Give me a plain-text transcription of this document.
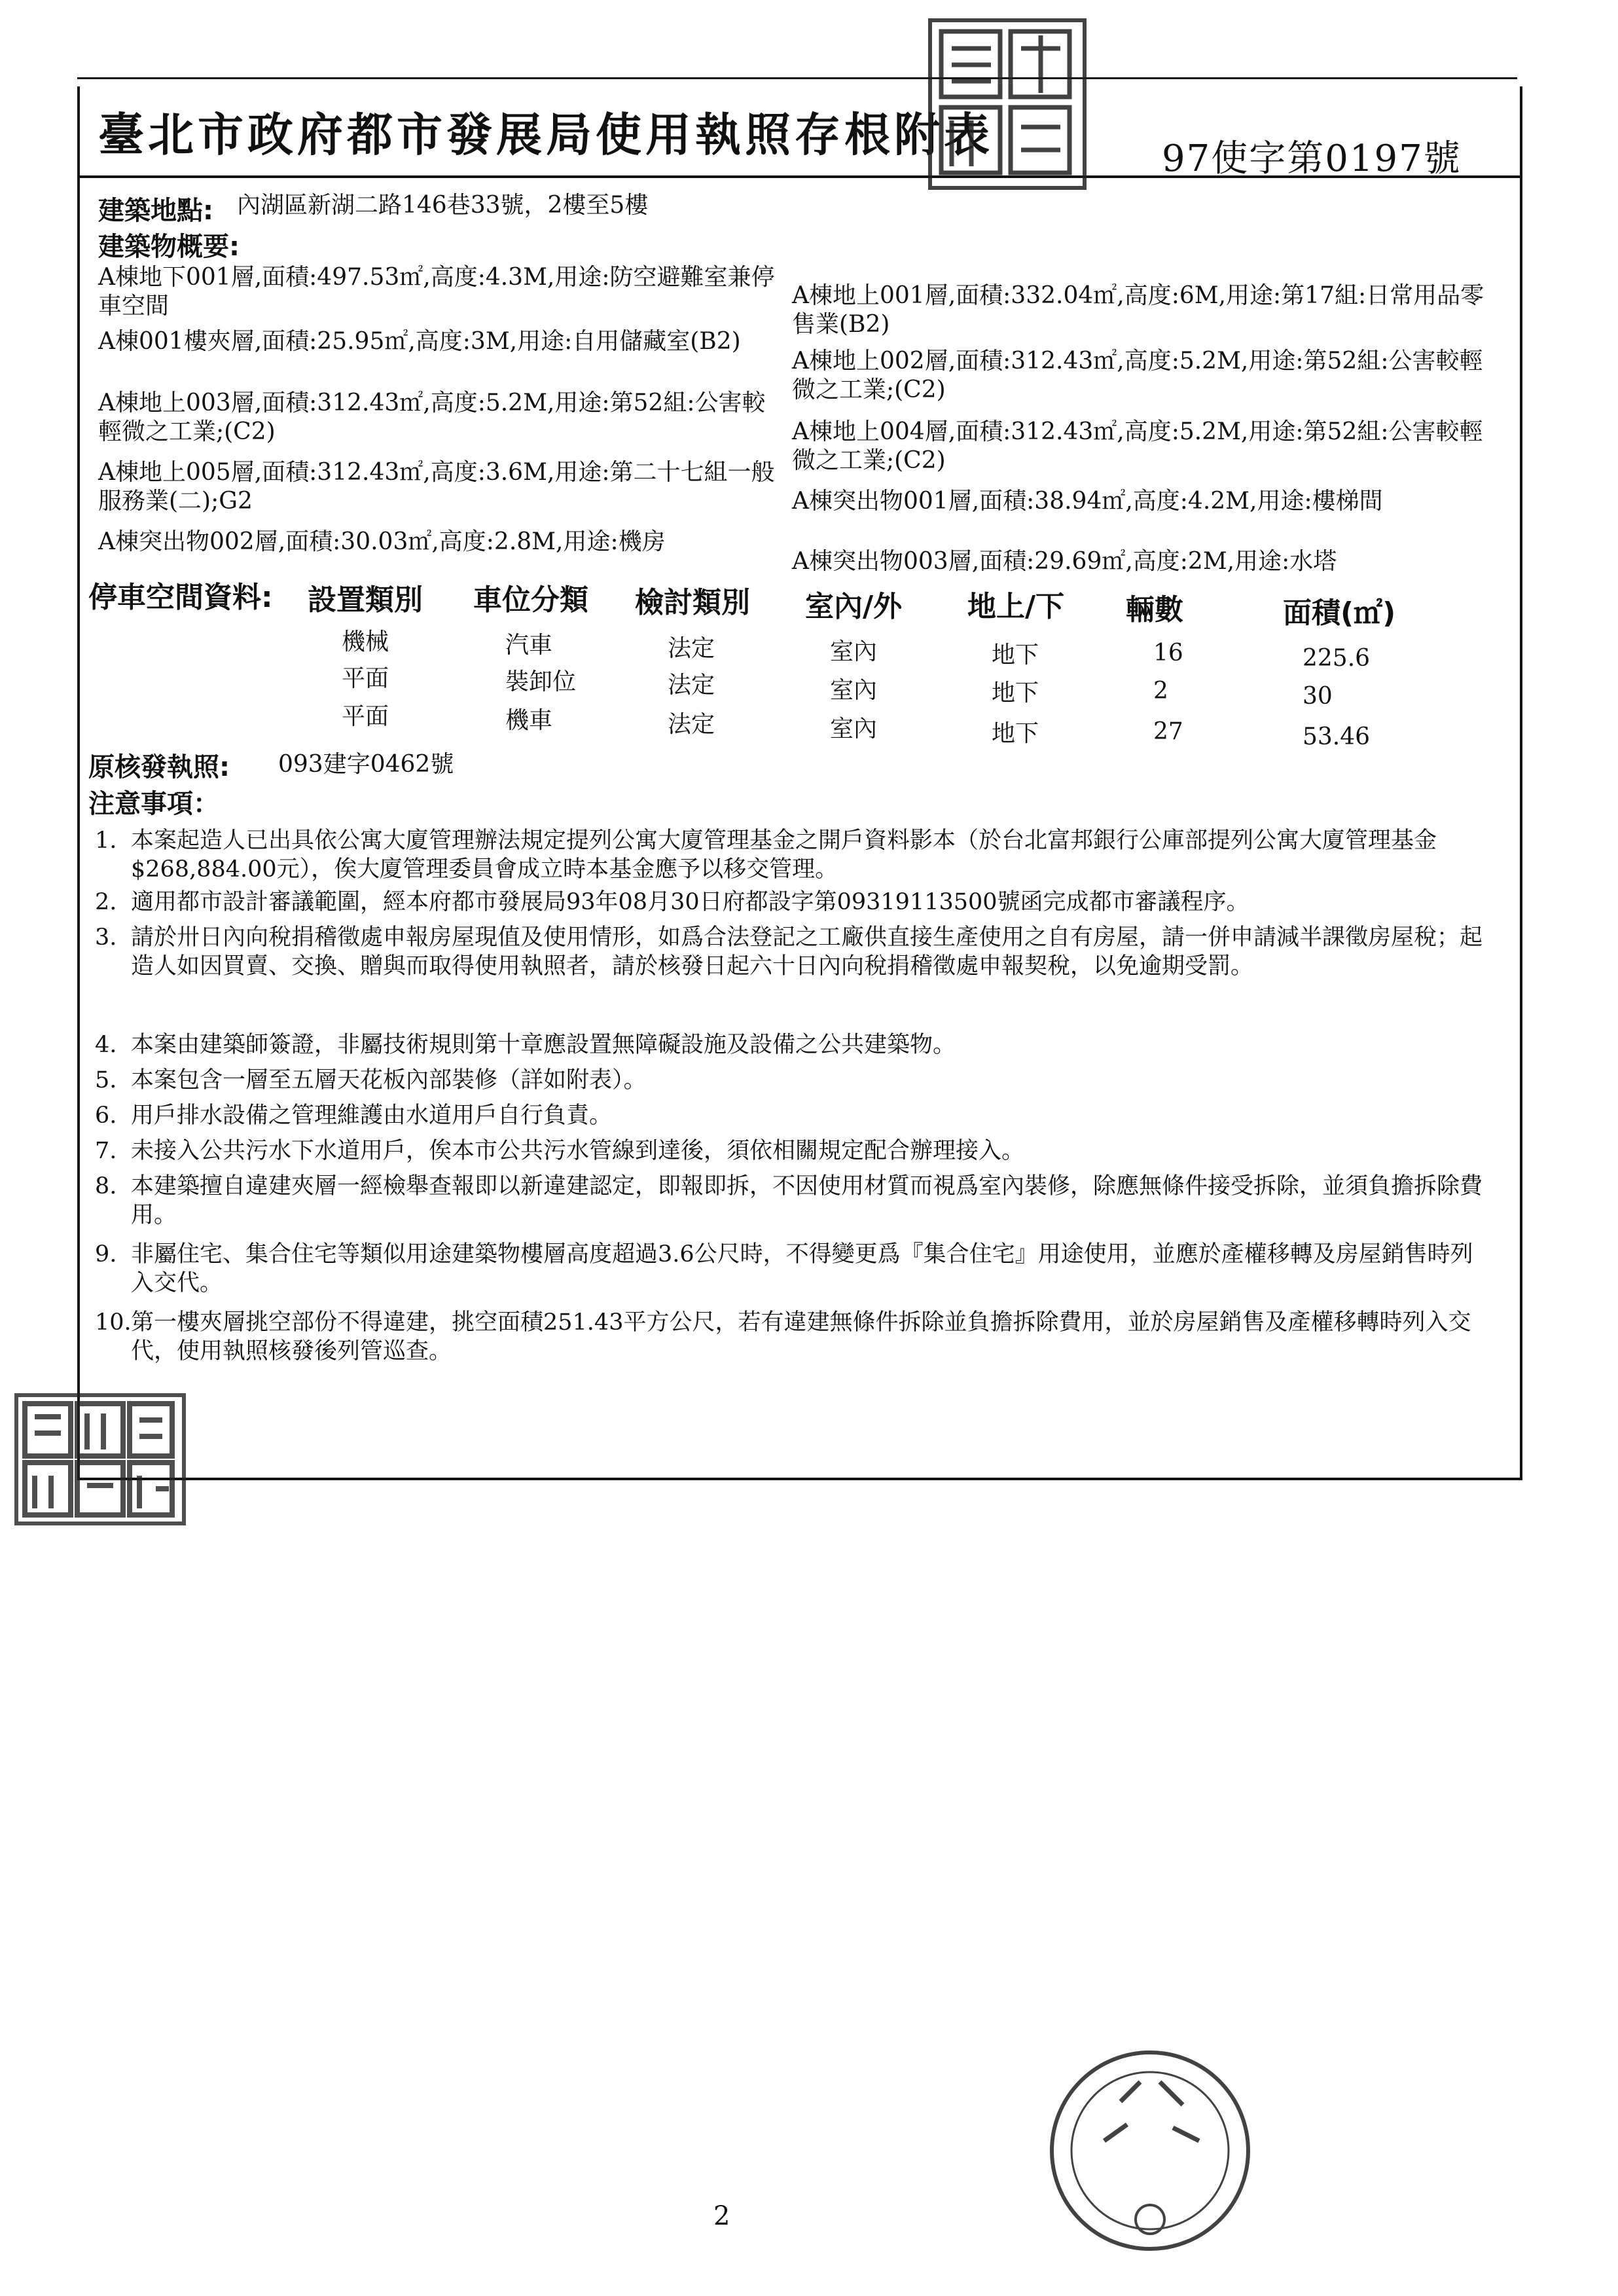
臺北市政府都市發展局使用執照存根附表	97使字第0197號
建築地點: 內湖區新湖二路146巷33號，2樓至5樓
建築物概要:
A棟地下001層,面積:497.53㎡,高度:4.3M,用途:防空避難室兼停車空間
A棟001樓夾層,面積:25.95㎡,高度:3M,用途:自用儲藏室(B2)
A棟地上003層,面積:312.43㎡,高度:5.2M,用途:第52組:公害較輕微之工業;(C2)
A棟地上005層,面積:312.43㎡,高度:3.6M,用途:第二十七組一般服務業(二);G2
A棟突出物002層,面積:30.03㎡,高度:2.8M,用途:機房
A棟地上001層,面積:332.04㎡,高度:6M,用途:第17組:日常用品零售業(B2)
A棟地上002層,面積:312.43㎡,高度:5.2M,用途:第52組:公害較輕微之工業;(C2)
A棟地上004層,面積:312.43㎡,高度:5.2M,用途:第52組:公害較輕微之工業;(C2)
A棟突出物001層,面積:38.94㎡,高度:4.2M,用途:樓梯間
A棟突出物003層,面積:29.69㎡,高度:2M,用途:水塔
停車空間資料: 設置類別 車位分類 檢討類別 室內/外 地上/下 輛數	面積(㎡)
機械	汽車	法定	室內	地下	16	225.6
平面	裝卸位	法定	室內	地下	2	30
平面	機車	法定	室內	地下	27	53.46
原核發執照: 093建字0462號
注意事項：
1. 本案起造人已出具依公寓大廈管理辦法規定提列公寓大廈管理基金之開戶資料影本（於台北富邦銀行公庫部提列公寓大廈管理基金$268,884.00元），俟大廈管理委員會成立時本基金應予以移交管理。
2. 適用都市設計審議範圍，經本府都市發展局93年08月30日府都設字第09319113500號函完成都市審議程序。
3. 請於卅日內向稅捐稽徵處申報房屋現值及使用情形，如爲合法登記之工廠供直接生產使用之自有房屋，請一併申請減半課徵房屋稅；起造人如因買賣、交換、贈與而取得使用執照者，請於核發日起六十日內向稅捐稽徵處申報契稅，以免逾期受罰。
4. 本案由建築師簽證，非屬技術規則第十章應設置無障礙設施及設備之公共建築物。
5. 本案包含一層至五層天花板內部裝修（詳如附表）。
6. 用戶排水設備之管理維護由水道用戶自行負責。
7. 未接入公共污水下水道用戶，俟本市公共污水管線到達後，須依相關規定配合辦理接入。
8. 本建築擅自違建夾層一經檢舉查報即以新違建認定，即報即拆，不因使用材質而視爲室內裝修，除應無條件接受拆除，並須負擔拆除費用。
9. 非屬住宅、集合住宅等類似用途建築物樓層高度超過3.6公尺時，不得變更爲『集合住宅』用途使用，並應於產權移轉及房屋銷售時列入交代。
10. 第一樓夾層挑空部份不得違建，挑空面積251.43平方公尺，若有違建無條件拆除並負擔拆除費用，並於房屋銷售及產權移轉時列入交代，使用執照核發後列管巡查。
2
